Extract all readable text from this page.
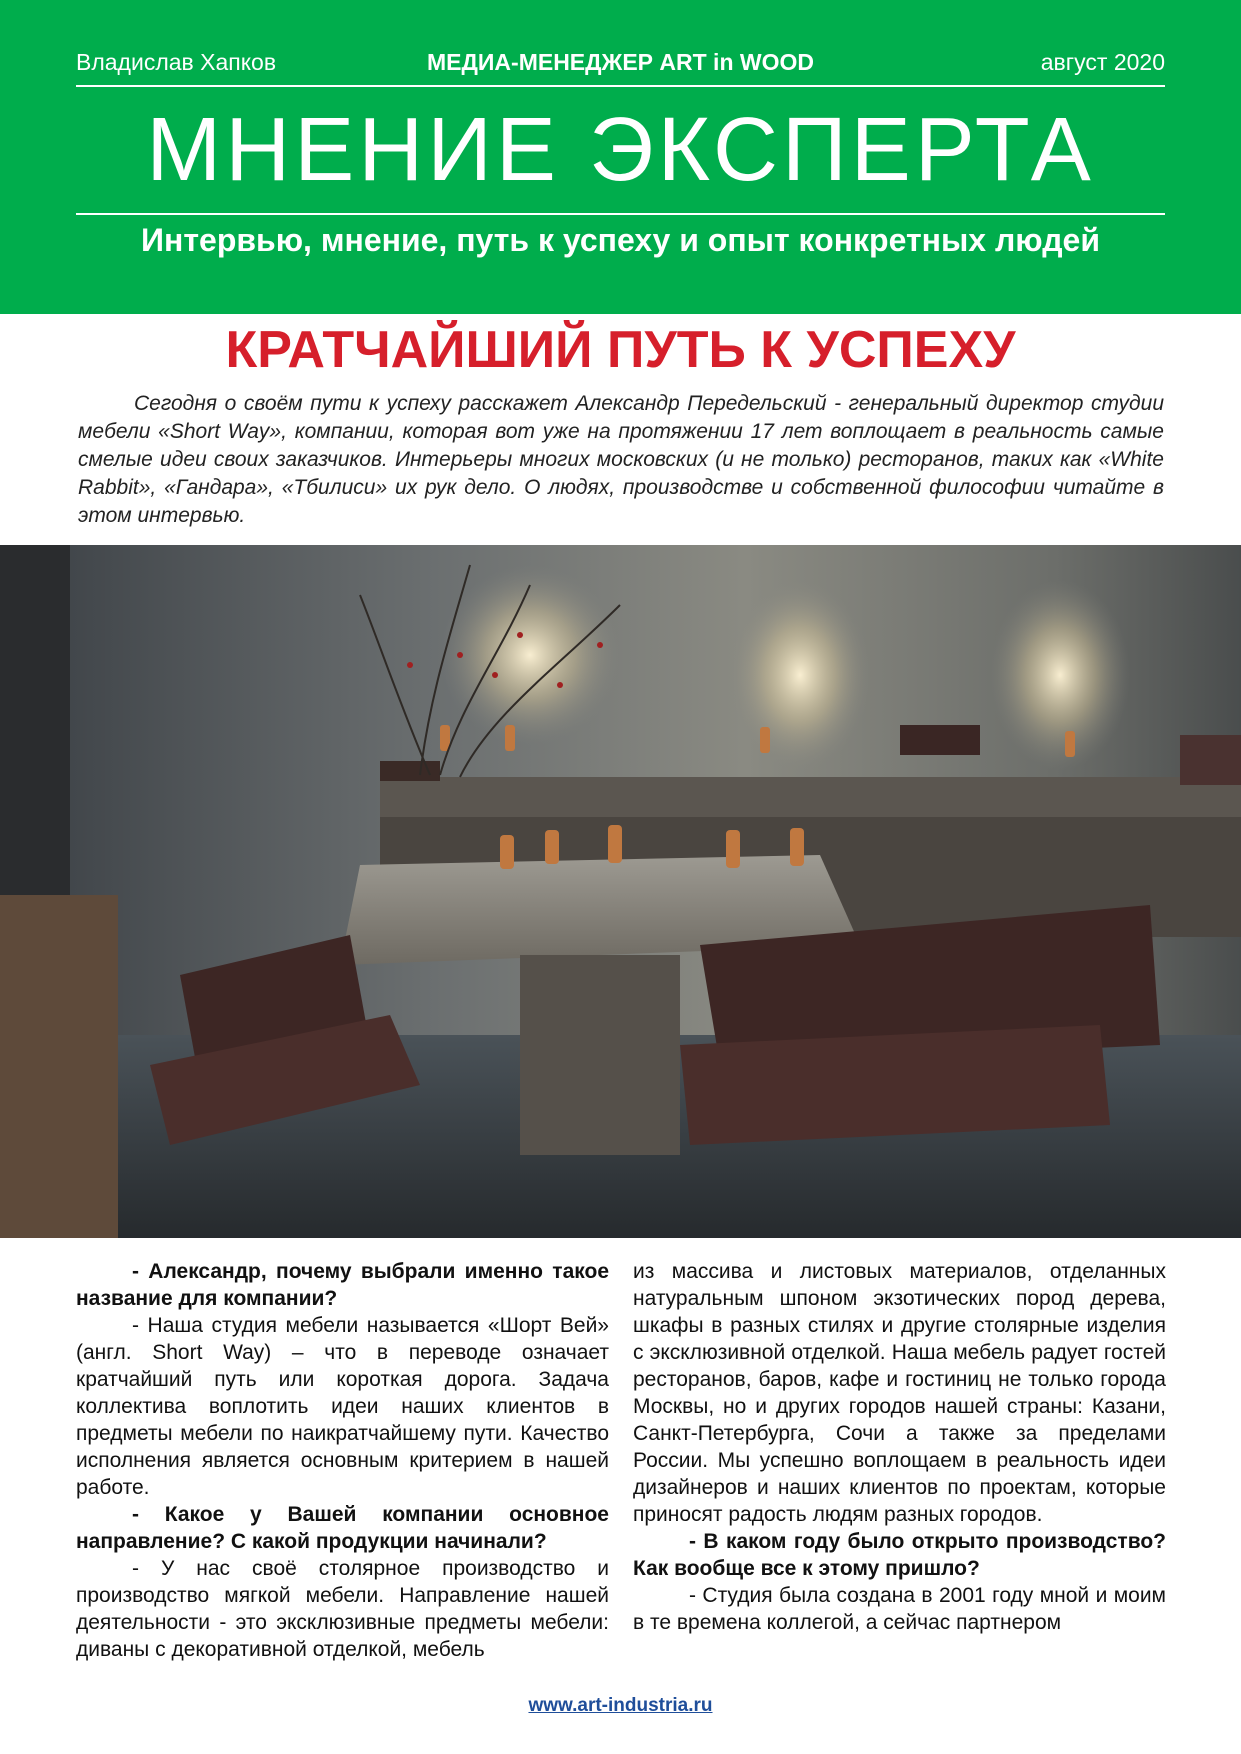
Владислав Хапков	МЕДИА-МЕНЕДЖЕР ART in WOOD	август 2020
МНЕНИЕ ЭКСПЕРТА
Интервью, мнение, путь к успеху и опыт конкретных людей
КРАТЧАЙШИЙ ПУТЬ К УСПЕХУ

Сегодня о своём пути к успеху расскажет Александр Передельский - генеральный директор студии мебели «Short Way», компании, которая вот уже на протяжении 17 лет воплощает в реальность самые смелые идеи своих заказчиков. Интерьеры многих московских (и не только) ресторанов, таких как «White Rabbit», «Гандара», «Тбилиси» их рук дело. О людях, производстве и собственной философии читайте в этом интервью.

- Александр, почему выбрали именно такое название для компании?

- Наша студия мебели называется «Шорт Вей» (англ. Short Way) – что в переводе означает кратчайший путь или короткая дорога. Задача коллектива воплотить идеи наших клиентов в предметы мебели по наикратчайшему пути. Качество исполнения является основным критерием в нашей работе.

- Какое у Вашей компании основное направление? С какой продукции начинали?

- У нас своё столярное производство и производство мягкой мебели. Направление нашей деятельности - это эксклюзивные предметы мебели: диваны с декоративной отделкой, мебель

из массива и листовых материалов, отделанных натуральным шпоном экзотических пород дерева, шкафы в разных стилях и другие столярные изделия с эксклюзивной отделкой. Наша мебель радует гостей ресторанов, баров, кафе и гостиниц не только города Москвы, но и других городов нашей страны: Казани, Санкт-Петербурга, Сочи а также за пределами России. Мы успешно воплощаем в реальность идеи дизайнеров и наших клиентов по проектам, которые приносят радость людям разных городов.

- В каком году было открыто производство? Как вообще все к этому пришло?

- Студия была создана в 2001 году мной и моим в те времена коллегой, а сейчас партнером

www.art-industria.ru
